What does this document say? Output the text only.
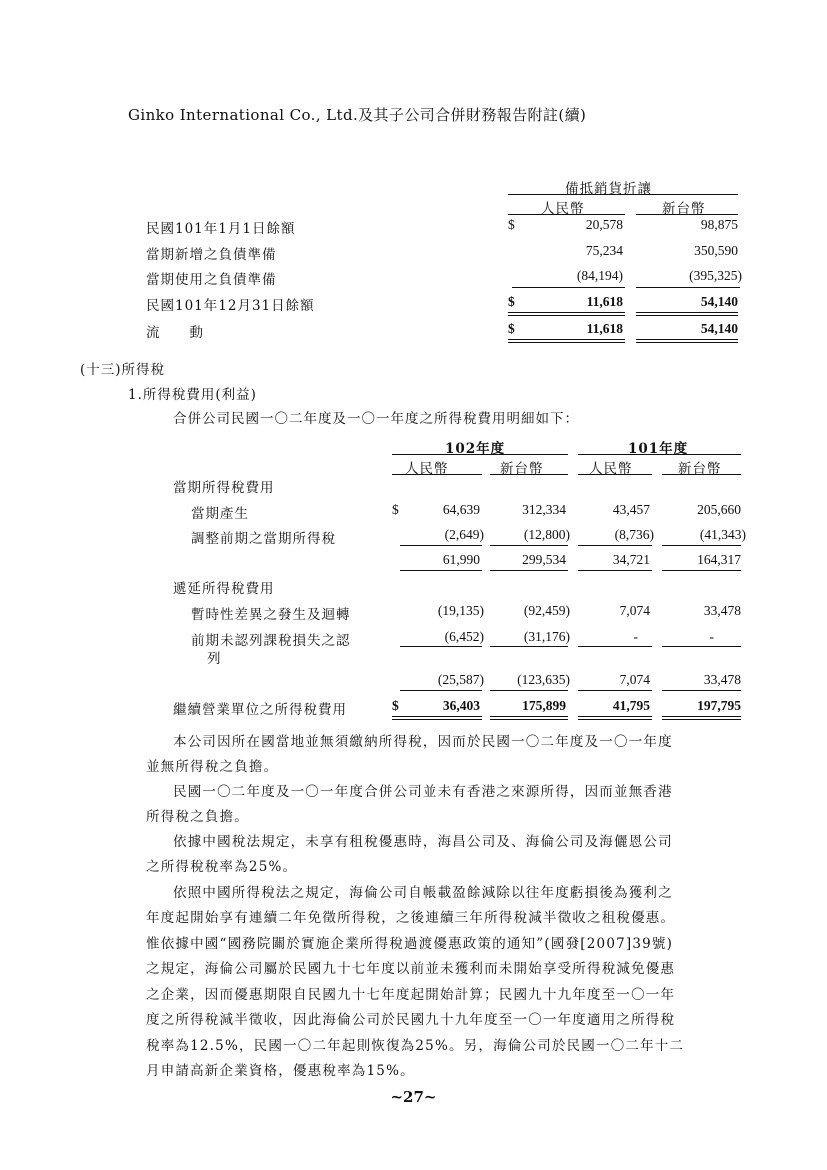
Ginko International Co., Ltd.及其子公司合併財務報告附註(續)
備抵銷貨折讓
人民幣	新台幣
民國101年1月1日餘額	$	20,578	98,875
當期新增之負債準備	75,234	350,590
當期使用之負債準備	(84,194)	(395,325)
民國101年12月31日餘額	$	11,618	54,140
流　　動	$	11,618	54,140
(十三)所得稅
1.所得稅費用(利益)
合併公司民國一〇二年度及一〇一年度之所得稅費用明細如下：
102年度	101年度
人民幣	新台幣	人民幣	新台幣
當期所得稅費用
當期產生	$	64,639	312,334	43,457	205,660
調整前期之當期所得稅	(2,649)	(12,800)	(8,736)	(41,343)
61,990	299,534	34,721	164,317
遞延所得稅費用
暫時性差異之發生及迴轉	(19,135)	(92,459)	7,074	33,478
前期未認列課稅損失之認
列
(6,452)	(31,176)	-	-
(25,587)	(123,635)	7,074	33,478
繼續營業單位之所得稅費用	$	36,403	175,899	41,795	197,795
本公司因所在國當地並無須繳納所得稅，因而於民國一〇二年度及一〇一年度
並無所得稅之負擔。
民國一〇二年度及一〇一年度合併公司並未有香港之來源所得，因而並無香港
所得稅之負擔。
依據中國稅法規定，未享有租稅優惠時，海昌公司及、海倫公司及海儷恩公司
之所得稅稅率為25%。
依照中國所得稅法之規定，海倫公司自帳載盈餘減除以往年度虧損後為獲利之
年度起開始享有連續二年免徵所得稅，之後連續三年所得稅減半徵收之租稅優惠。
惟依據中國“國務院關於實施企業所得稅過渡優惠政策的通知”(國發[2007]39號)
之規定，海倫公司屬於民國九十七年度以前並未獲利而未開始享受所得稅減免優惠
之企業，因而優惠期限自民國九十七年度起開始計算；民國九十九年度至一〇一年
度之所得稅減半徵收，因此海倫公司於民國九十九年度至一〇一年度適用之所得稅
稅率為12.5%，民國一〇二年起則恢復為25%。另，海倫公司於民國一〇二年十二
月申請高新企業資格，優惠稅率為15%。
~27~
